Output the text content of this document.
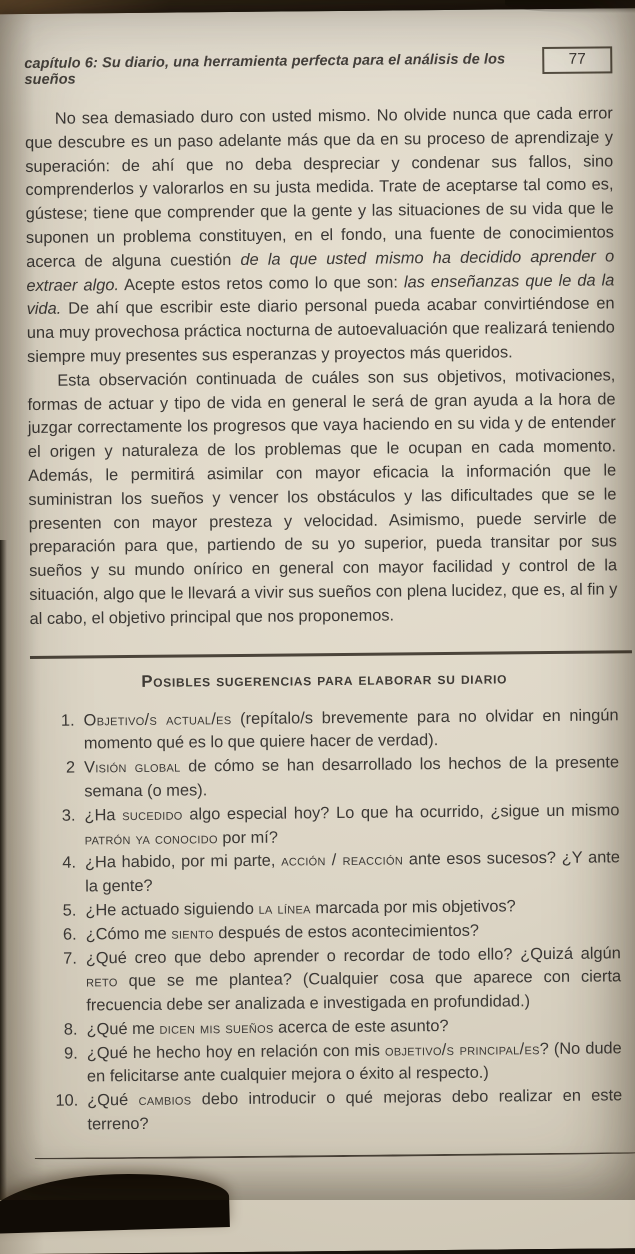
capítulo 6: Su diario, una herramienta perfecta para el análisis de los sueños
77

No sea demasiado duro con usted mismo. No olvide nunca que cada error que descubre es un paso adelante más que da en su proceso de aprendizaje y superación: de ahí que no deba despreciar y condenar sus fallos, sino comprenderlos y valorarlos en su justa medida. Trate de aceptarse tal como es, gústese; tiene que comprender que la gente y las situaciones de su vida que le suponen un problema constituyen, en el fondo, una fuente de conocimientos acerca de alguna cuestión de la que usted mismo ha decidido aprender o extraer algo. Acepte estos retos como lo que son: las enseñanzas que le da la vida. De ahí que escribir este diario personal pueda acabar convirtiéndose en una muy provechosa práctica nocturna de autoevaluación que realizará teniendo siempre muy presentes sus esperanzas y proyectos más queridos.

Esta observación continuada de cuáles son sus objetivos, motivaciones, formas de actuar y tipo de vida en general le será de gran ayuda a la hora de juzgar correctamente los progresos que vaya haciendo en su vida y de entender el origen y naturaleza de los problemas que le ocupan en cada momento. Además, le permitirá asimilar con mayor eficacia la información que le suministran los sueños y vencer los obstáculos y las dificultades que se le presenten con mayor presteza y velocidad. Asimismo, puede servirle de preparación para que, partiendo de su yo superior, pueda transitar por sus sueños y su mundo onírico en general con mayor facilidad y control de la situación, algo que le llevará a vivir sus sueños con plena lucidez, que es, al fin y al cabo, el objetivo principal que nos proponemos.

Posibles sugerencias para elaborar su diario
1. Objetivo/s actual/es (repítalo/s brevemente para no olvidar en ningún momento qué es lo que quiere hacer de verdad).
2 Visión global de cómo se han desarrollado los hechos de la presente semana (o mes).
3. ¿Ha sucedido algo especial hoy? Lo que ha ocurrido, ¿sigue un mismo patrón ya conocido por mí?
4. ¿Ha habido, por mi parte, acción / reacción ante esos sucesos? ¿Y ante la gente?
5. ¿He actuado siguiendo la línea marcada por mis objetivos?
6. ¿Cómo me siento después de estos acontecimientos?
7. ¿Qué creo que debo aprender o recordar de todo ello? ¿Quizá algún reto que se me plantea? (Cualquier cosa que aparece con cierta frecuencia debe ser analizada e investigada en profundidad.)
8. ¿Qué me dicen mis sueños acerca de este asunto?
9. ¿Qué he hecho hoy en relación con mis objetivo/s principal/es? (No dude en felicitarse ante cualquier mejora o éxito al respecto.)
10. ¿Qué cambios debo introducir o qué mejoras debo realizar en este terreno?
